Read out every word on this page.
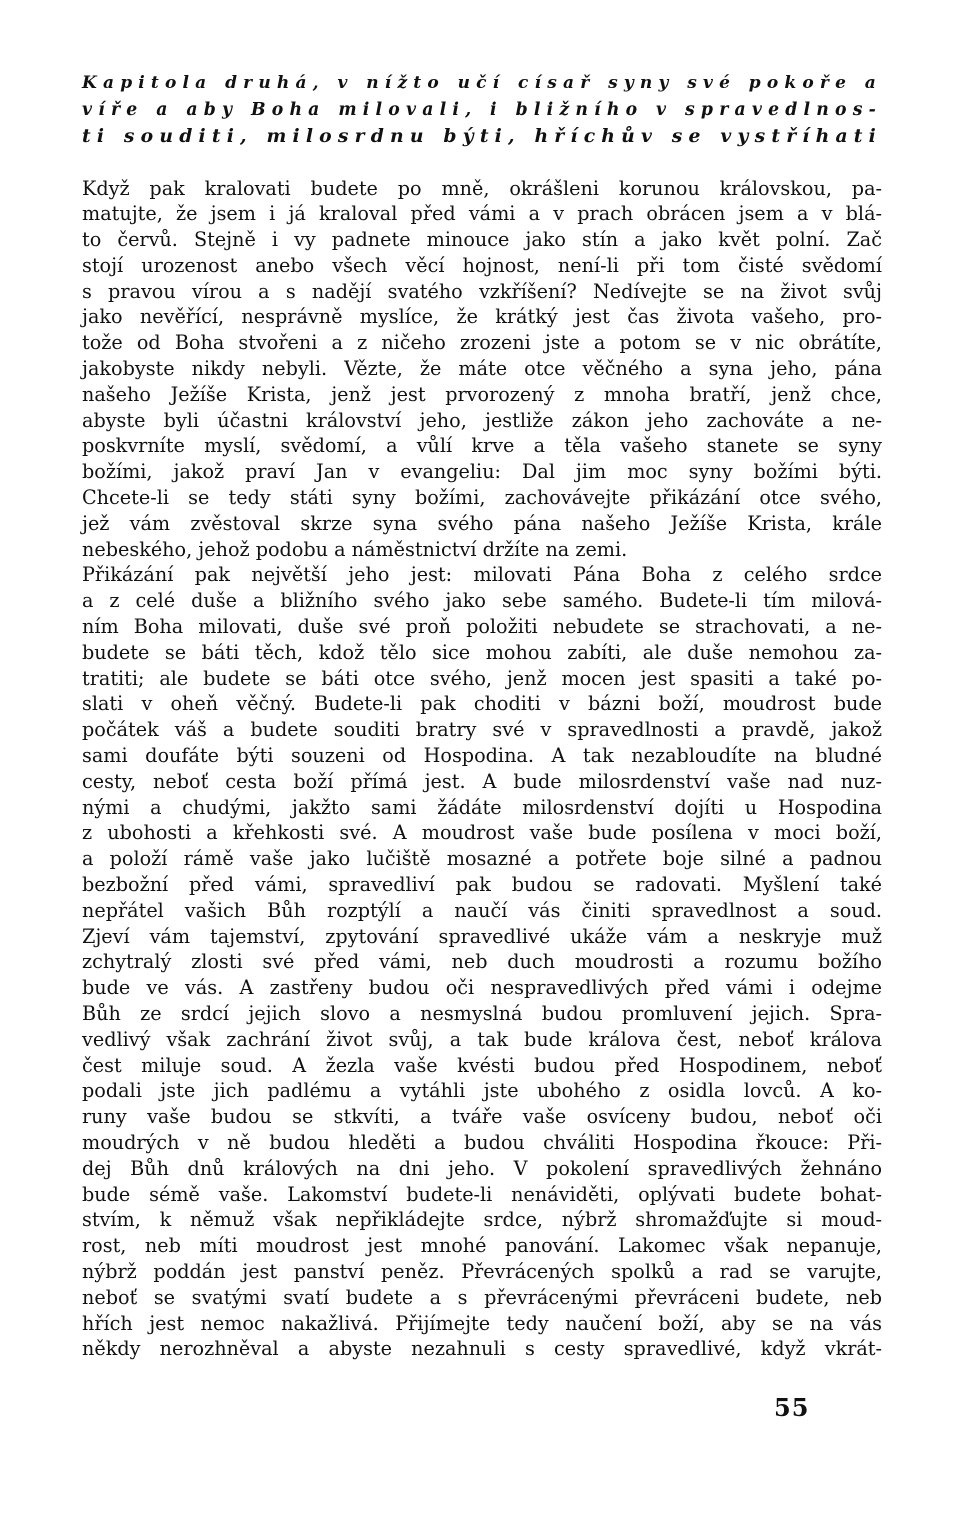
Kapitola druhá, v nížto učí císař syny své pokoře a
víře a aby Boha milovali, i bližního v spravedlnos-
ti souditi, milosrdnu býti, hříchův se vystříhati
Když pak kralovati budete po mně, okrášleni korunou královskou, pa-
matujte, že jsem i já kraloval před vámi a v prach obrácen jsem a v blá-
to červů. Stejně i vy padnete minouce jako stín a jako květ polní. Zač
stojí urozenost anebo všech věcí hojnost, není-li při tom čisté svědomí
s pravou vírou a s nadějí svatého vzkříšení? Nedívejte se na život svůj
jako nevěřící, nesprávně myslíce, že krátký jest čas života vašeho, pro-
tože od Boha stvořeni a z ničeho zrozeni jste a potom se v nic obrátíte,
jakobyste nikdy nebyli. Vězte, že máte otce věčného a syna jeho, pána
našeho Ježíše Krista, jenž jest prvorozený z mnoha bratří, jenž chce,
abyste byli účastni království jeho, jestliže zákon jeho zachováte a ne-
poskvrníte myslí, svědomí, a vůlí krve a těla vašeho stanete se syny
božími, jakož praví Jan v evangeliu: Dal jim moc syny božími býti.
Chcete-li se tedy státi syny božími, zachovávejte přikázání otce svého,
jež vám zvěstoval skrze syna svého pána našeho Ježíše Krista, krále
nebeského, jehož podobu a náměstnictví držíte na zemi.
Přikázání pak největší jeho jest: milovati Pána Boha z celého srdce
a z celé duše a bližního svého jako sebe samého. Budete-li tím milová-
ním Boha milovati, duše své proň položiti nebudete se strachovati, a ne-
budete se báti těch, kdož tělo sice mohou zabíti, ale duše nemohou za-
tratiti; ale budete se báti otce svého, jenž mocen jest spasiti a také po-
slati v oheň věčný. Budete-li pak choditi v bázni boží, moudrost bude
počátek váš a budete souditi bratry své v spravedlnosti a pravdě, jakož
sami doufáte býti souzeni od Hospodina. A tak nezabloudíte na bludné
cesty, neboť cesta boží přímá jest. A bude milosrdenství vaše nad nuz-
nými a chudými, jakžto sami žádáte milosrdenství dojíti u Hospodina
z ubohosti a křehkosti své. A moudrost vaše bude posílena v moci boží,
a položí rámě vaše jako lučiště mosazné a potřete boje silné a padnou
bezbožní před vámi, spravedliví pak budou se radovati. Myšlení také
nepřátel vašich Bůh rozptýlí a naučí vás činiti spravedlnost a soud.
Zjeví vám tajemství, zpytování spravedlivé ukáže vám a neskryje muž
zchytralý zlosti své před vámi, neb duch moudrosti a rozumu božího
bude ve vás. A zastřeny budou oči nespravedlivých před vámi i odejme
Bůh ze srdcí jejich slovo a nesmyslná budou promluvení jejich. Spra-
vedlivý však zachrání život svůj, a tak bude králova čest, neboť králova
čest miluje soud. A žezla vaše kvésti budou před Hospodinem, neboť
podali jste jich padlému a vytáhli jste ubohého z osidla lovců. A ko-
runy vaše budou se stkvíti, a tváře vaše osvíceny budou, neboť oči
moudrých v ně budou hleděti a budou chváliti Hospodina řkouce: Při-
dej Bůh dnů králových na dni jeho. V pokolení spravedlivých žehnáno
bude sémě vaše. Lakomství budete-li nenáviděti, oplývati budete bohat-
stvím, k němuž však nepřikládejte srdce, nýbrž shromažďujte si moud-
rost, neb míti moudrost jest mnohé panování. Lakomec však nepanuje,
nýbrž poddán jest panství peněz. Převrácených spolků a rad se varujte,
neboť se svatými svatí budete a s převrácenými převráceni budete, neb
hřích jest nemoc nakažlivá. Přijímejte tedy naučení boží, aby se na vás
někdy nerozhněval a abyste nezahnuli s cesty spravedlivé, když vkrát-
55
